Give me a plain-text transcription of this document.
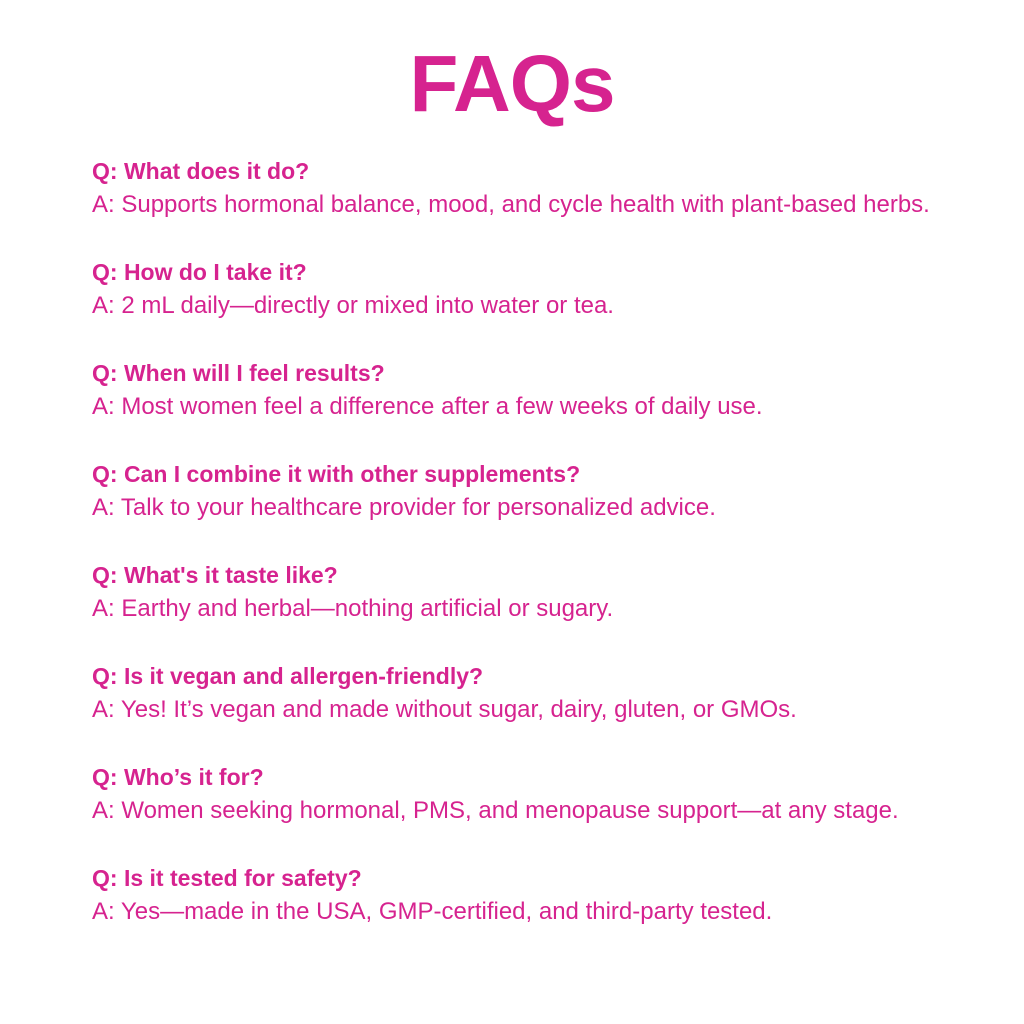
FAQs

Q: What does it do?

A: Supports hormonal balance, mood, and cycle health with plant-based herbs.

Q: How do I take it?

A: 2 mL daily—directly or mixed into water or tea.

Q: When will I feel results?

A: Most women feel a difference after a few weeks of daily use.

Q: Can I combine it with other supplements?

A: Talk to your healthcare provider for personalized advice.

Q: What's it taste like?

A: Earthy and herbal—nothing artificial or sugary.

Q: Is it vegan and allergen-friendly?

A: Yes! It’s vegan and made without sugar, dairy, gluten, or GMOs.

Q: Who’s it for?

A: Women seeking hormonal, PMS, and menopause support—at any stage.

Q: Is it tested for safety?

A: Yes—made in the USA, GMP-certified, and third-party tested.
